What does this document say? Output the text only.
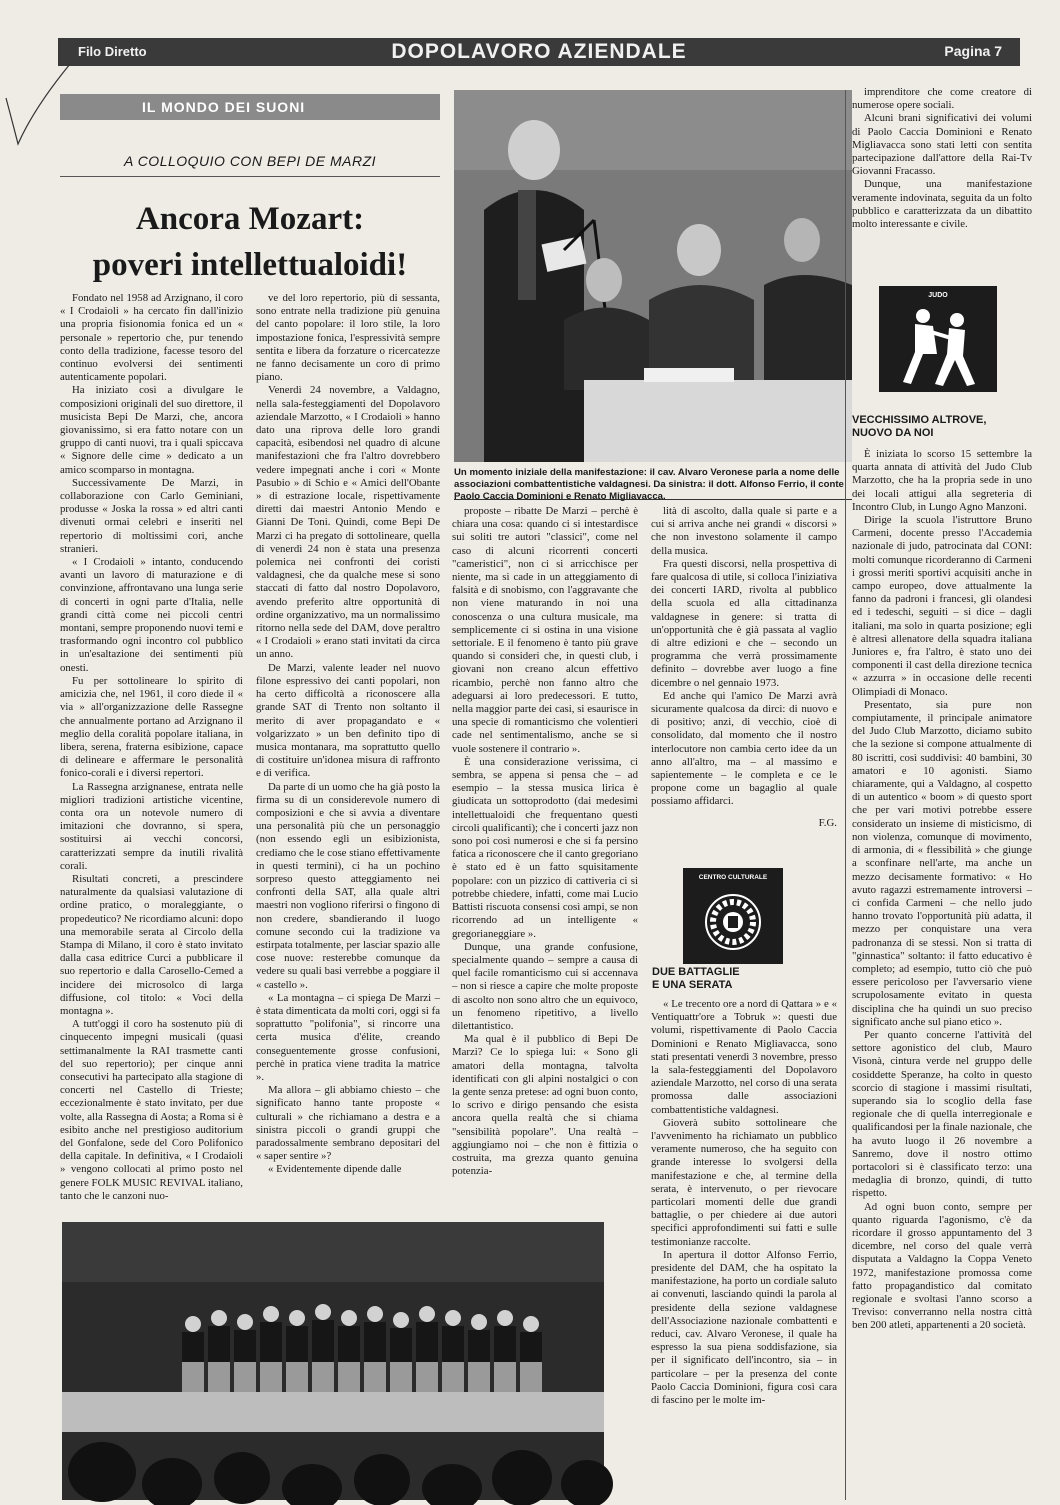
Filo Diretto	DOPOLAVORO AZIENDALE	Pagina 7
IL MONDO DEI SUONI
A COLLOQUIO CON BEPI DE MARZI
Ancora Mozart:
poveri intellettualoidi!

Fondato nel 1958 ad Arzignano, il coro « I Crodaioli » ha cercato fin dall'inizio una propria fisionomia fonica ed un « personale » repertorio che, pur tenendo conto della tradizione, facesse tesoro del continuo evolversi dei sentimenti autenticamente popolari.

Ha iniziato così a divulgare le composizioni originali del suo direttore, il musicista Bepi De Marzi, che, ancora giovanissimo, si era fatto notare con un gruppo di canti nuovi, tra i quali spiccava « Signore delle cime » dedicato a un amico scomparso in montagna.

Successivamente De Marzi, in collaborazione con Carlo Geminiani, produsse « Joska la rossa » ed altri canti divenuti ormai celebri e inseriti nel repertorio di moltissimi cori, anche stranieri.

« I Crodaioli » intanto, conducendo avanti un lavoro di maturazione e di convinzione, affrontavano una lunga serie di concerti in ogni parte d'Italia, nelle grandi città come nei piccoli centri montani, sempre proponendo nuovi temi e trasformando ogni incontro col pubblico in un'esaltazione dei sentimenti più onesti.

Fu per sottolineare lo spirito di amicizia che, nel 1961, il coro diede il « via » all'organizzazione delle Rassegne che annualmente portano ad Arzignano il meglio della coralità popolare italiana, in libera, serena, fraterna esibizione, capace di delineare e affermare le personalità fonico-corali e i diversi repertori.

La Rassegna arzignanese, entrata nelle migliori tradizioni artistiche vicentine, conta ora un notevole numero di imitazioni che dovranno, si spera, sostituirsi ai vecchi concorsi, caratterizzati sempre da inutili rivalità corali.

Risultati concreti, a prescindere naturalmente da qualsiasi valutazione di ordine pratico, o moraleggiante, o propedeutico? Ne ricordiamo alcuni: dopo una memorabile serata al Circolo della Stampa di Milano, il coro è stato invitato dalla casa editrice Curci a pubblicare il suo repertorio e dalla Carosello-Cemed a incidere dei microsolco di larga diffusione, col titolo: « Voci della montagna ».

A tutt'oggi il coro ha sostenuto più di cinquecento impegni musicali (quasi settimanalmente la RAI trasmette canti del suo repertorio); per cinque anni consecutivi ha partecipato alla stagione di concerti nel Castello di Trieste; eccezionalmente è stato invitato, per due volte, alla Rassegna di Aosta; a Roma si è esibito anche nel prestigioso auditorium del Gonfalone, sede del Coro Polifonico della capitale. In definitiva, « I Crodaioli » vengono collocati al primo posto nel genere FOLK MUSIC REVIVAL italiano, tanto che le canzoni nuo-

ve del loro repertorio, più di sessanta, sono entrate nella tradizione più genuina del canto popolare: il loro stile, la loro impostazione fonica, l'espressività sempre sentita e libera da forzature o ricercatezze ne fanno decisamente un coro di primo piano.

Venerdì 24 novembre, a Valdagno, nella sala-festeggiamenti del Dopolavoro aziendale Marzotto, « I Crodaioli » hanno dato una riprova delle loro grandi capacità, esibendosi nel quadro di alcune manifestazioni che fra l'altro dovrebbero vedere impegnati anche i cori « Monte Pasubio » di Schio e « Amici dell'Obante » di estrazione locale, rispettivamente diretti dai maestri Antonio Mendo e Gianni De Toni. Quindi, come Bepi De Marzi ci ha pregato di sottolineare, quella di venerdì 24 non è stata una presenza polemica nei confronti dei coristi valdagnesi, che da qualche mese si sono staccati di fatto dal nostro Dopolavoro, avendo preferito altre opportunità di ordine organizzativo, ma un normalissimo ritorno nella sede del DAM, dove peraltro « I Crodaioli » erano stati invitati da circa un anno.

De Marzi, valente leader nel nuovo filone espressivo dei canti popolari, non ha certo difficoltà a riconoscere alla grande SAT di Trento non soltanto il merito di aver propagandato e « volgarizzato » un ben definito tipo di musica montanara, ma soprattutto quello di costituire un'idonea misura di raffronto e di verifica.

Da parte di un uomo che ha già posto la firma su di un considerevole numero di composizioni e che si avvia a diventare una personalità più che un personaggio (non essendo egli un esibizionista, crediamo che le cose stiano effettivamente in questi termini), ci ha un pochino sorpreso questo atteggiamento nei confronti della SAT, alla quale altri maestri non vogliono riferirsi o fingono di non credere, sbandierando il luogo comune secondo cui la tradizione va estirpata totalmente, per lasciar spazio alle cose nuove: resterebbe comunque da vedere su quali basi verrebbe a poggiare il « castello ».

« La montagna – ci spiega De Marzi – è stata dimenticata da molti cori, oggi si fa soprattutto "polifonia", si rincorre una certa musica d'élite, creando conseguentemente grosse confusioni, perchè in pratica viene tradita la matrice ».

Ma allora – gli abbiamo chiesto – che significato hanno tante proposte « culturali » che richiamano a destra e a sinistra piccoli o grandi gruppi che paradossalmente sembrano depositari del « saper sentire »?

« Evidentemente dipende dalle

Un momento iniziale della manifestazione: il cav. Alvaro Veronese parla a nome delle associazioni combattentistiche valdagnesi. Da sinistra: il dott. Alfonso Ferrio, il conte Paolo Caccia Dominioni e Renato Migliavacca.

proposte – ribatte De Marzi – perchè è chiara una cosa: quando ci si intestardisce sui soliti tre autori "classici", come nel caso di alcuni ricorrenti concerti "cameristici", non ci si arricchisce per niente, ma si cade in un atteggiamento di falsità e di snobismo, con l'aggravante che non viene maturando in noi una conoscenza o una cultura musicale, ma semplicemente ci si ostina in una visione settoriale. E il fenomeno è tanto più grave quando si consideri che, in questi club, i giovani non creano alcun effettivo ricambio, perchè non fanno altro che adeguarsi ai loro predecessori. E tutto, nella maggior parte dei casi, si esaurisce in una specie di romanticismo che volentieri cade nel sentimentalismo, anche se si vuole sostenere il contrario ».

È una considerazione verissima, ci sembra, se appena si pensa che – ad esempio – la stessa musica lirica è giudicata un sottoprodotto (dai medesimi intellettualoidi che frequentano questi circoli qualificanti); che i concerti jazz non sono poi così numerosi e che si fa persino fatica a riconoscere che il canto gregoriano è stato ed è un fatto squisitamente popolare: con un pizzico di cattiveria ci si potrebbe chiedere, infatti, come mai Lucio Battisti riscuota consensi così ampi, se non ricorrendo ad un intelligente « gregorianeggiare ».

Dunque, una grande confusione, specialmente quando – sempre a causa di quel facile romanticismo cui si accennava – non si riesce a capire che molte proposte di ascolto non sono altro che un equivoco, un fenomeno ripetitivo, a livello dilettantistico.

Ma qual è il pubblico di Bepi De Marzi? Ce lo spiega lui: « Sono gli amatori della montagna, talvolta identificati con gli alpini nostalgici o con la gente senza pretese: ad ogni buon conto, lo scrivo e dirigo pensando che esista ancora quella realtà che si chiama "sensibilità popolare". Una realtà – aggiungiamo noi – che non è fittizia o costruita, ma grezza quanto genuina potenzia-

lità di ascolto, dalla quale si parte e a cui si arriva anche nei grandi « discorsi » che non investono solamente il campo della musica.

Fra questi discorsi, nella prospettiva di fare qualcosa di utile, si colloca l'iniziativa dei concerti IARD, rivolta al pubblico della scuola ed alla cittadinanza valdagnese in genere: si tratta di un'opportunità che è già passata al vaglio di altre edizioni e che – secondo un programma che verrà prossimamente definito – dovrebbe aver luogo a fine dicembre o nel gennaio 1973.

Ed anche qui l'amico De Marzi avrà sicuramente qualcosa da dirci: di nuovo e di positivo; anzi, di vecchio, cioè di consolidato, dal momento che il nostro interlocutore non cambia certo idee da un anno all'altro, ma – al massimo e sapientemente – le completa e ce le propone come un bagaglio al quale possiamo affidarci.

F.G.
CENTRO CULTURALE
DUE BATTAGLIE
E UNA SERATA

« Le trecento ore a nord di Qattara » e « Ventiquattr'ore a Tobruk »: questi due volumi, rispettivamente di Paolo Caccia Dominioni e Renato Migliavacca, sono stati presentati venerdì 3 novembre, presso la sala-festeggiamenti del Dopolavoro aziendale Marzotto, nel corso di una serata promossa dalle associazioni combattentistiche valdagnesi.

Gioverà subito sottolineare che l'avvenimento ha richiamato un pubblico veramente numeroso, che ha seguito con grande interesse lo svolgersi della manifestazione e che, al termine della serata, è intervenuto, o per rievocare particolari momenti delle due grandi battaglie, o per chiedere ai due autori specifici approfondimenti sui fatti e sulle testimonianze raccolte.

In apertura il dottor Alfonso Ferrio, presidente del DAM, che ha ospitato la manifestazione, ha porto un cordiale saluto ai convenuti, lasciando quindi la parola al presidente della sezione valdagnese dell'Associazione nazionale combattenti e reduci, cav. Alvaro Veronese, il quale ha espresso la sua piena soddisfazione, sia per il significato dell'incontro, sia – in particolare – per la presenza del conte Paolo Caccia Dominioni, figura così cara di fascino per le molte im-

imprenditore che come creatore di numerose opere sociali.

Alcuni brani significativi dei volumi di Paolo Caccia Dominioni e Renato Migliavacca sono stati letti con sentita partecipazione dall'attore della Rai-Tv Giovanni Fracasso.

Dunque, una manifestazione veramente indovinata, seguita da un folto pubblico e caratterizzata da un dibattito molto interessante e civile.

JUDO
VECCHISSIMO ALTROVE,
NUOVO DA NOI

È iniziata lo scorso 15 settembre la quarta annata di attività del Judo Club Marzotto, che ha la propria sede in uno dei locali attigui alla segreteria di Incontro Club, in Lungo Agno Manzoni.

Dirige la scuola l'istruttore Bruno Carmeni, docente presso l'Accademia nazionale di judo, patrocinata dal CONI: molti comunque ricorderanno di Carmeni i grossi meriti sportivi acquisiti anche in campo europeo, dove attualmente la fanno da padroni i francesi, gli olandesi ed i tedeschi, seguiti – si dice – dagli italiani, ma solo in quarta posizione; egli è altresì allenatore della squadra italiana Juniores e, fra l'altro, è stato uno dei componenti il cast della direzione tecnica « azzurra » in occasione delle recenti Olimpiadi di Monaco.

Presentato, sia pure non compiutamente, il principale animatore del Judo Club Marzotto, diciamo subito che la sezione si compone attualmente di 80 iscritti, così suddivisi: 40 bambini, 30 amatori e 10 agonisti. Siamo chiaramente, qui a Valdagno, al cospetto di un autentico « boom » di questo sport che per vari motivi potrebbe essere considerato un insieme di misticismo, di non violenza, comunque di movimento, di armonia, di « flessibilità » che giunge a sconfinare nell'arte, ma anche un mezzo decisamente formativo: « Ho avuto ragazzi estremamente introversi – ci confida Carmeni – che nello judo hanno trovato l'opportunità più adatta, il mezzo per conquistare una vera padronanza di se stessi. Non si tratta di "ginnastica" soltanto: il fatto educativo è completo; ad esempio, tutto ciò che può essere pericoloso per l'avversario viene scrupolosamente evitato in questa disciplina che ha quindi un suo preciso significato anche sul piano etico ».

Per quanto concerne l'attività del settore agonistico del club, Mauro Visonà, cintura verde nel gruppo delle cosiddette Speranze, ha colto in questo scorcio di stagione i massimi risultati, superando sia lo scoglio della fase regionale che di quella interregionale e qualificandosi per la finale nazionale, che ha avuto luogo il 26 novembre a Sanremo, dove il nostro ottimo portacolori si è classificato terzo: una medaglia di bronzo, quindi, di tutto rispetto.

Ad ogni buon conto, sempre per quanto riguarda l'agonismo, c'è da ricordare il grosso appuntamento del 3 dicembre, nel corso del quale verrà disputata a Valdagno la Coppa Veneto 1972, manifestazione promossa come fatto propagandistico dal comitato regionale e svoltasi l'anno scorso a Treviso: converranno nella nostra città ben 200 atleti, appartenenti a 20 società.
